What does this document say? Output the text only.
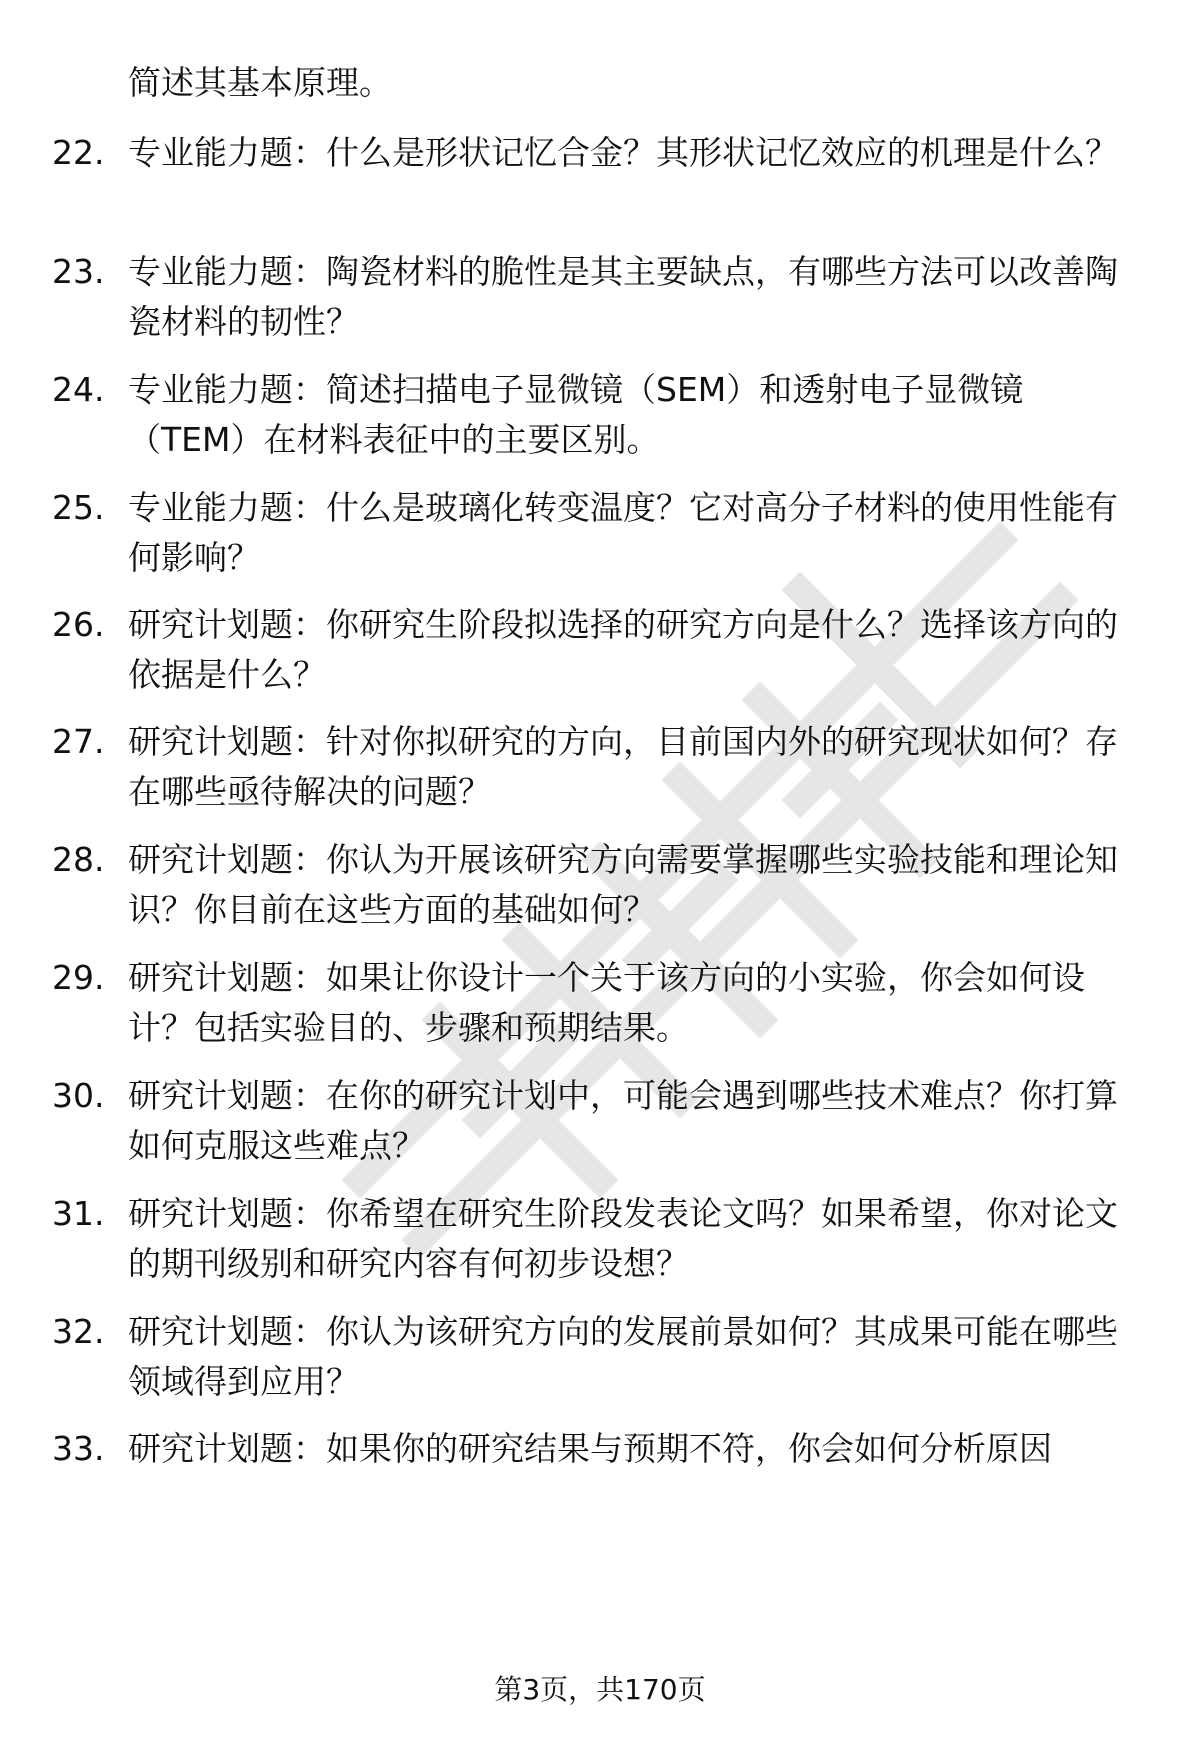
简述其基本原理。
22. 专业能力题：什么是形状记忆合金？其形状记忆效应的机理是什么？
23. 专业能力题：陶瓷材料的脆性是其主要缺点，有哪些方法可以改善陶瓷材料的韧性？
24. 专业能力题：简述扫描电子显微镜（SEM）和透射电子显微镜（TEM）在材料表征中的主要区别。
25. 专业能力题：什么是玻璃化转变温度？它对高分子材料的使用性能有何影响？
26. 研究计划题：你研究生阶段拟选择的研究方向是什么？选择该方向的依据是什么？
27. 研究计划题：针对你拟研究的方向，目前国内外的研究现状如何？存在哪些亟待解决的问题？
28. 研究计划题：你认为开展该研究方向需要掌握哪些实验技能和理论知识？你目前在这些方面的基础如何？
29. 研究计划题：如果让你设计一个关于该方向的小实验，你会如何设计？包括实验目的、步骤和预期结果。
30. 研究计划题：在你的研究计划中，可能会遇到哪些技术难点？你打算如何克服这些难点？
31. 研究计划题：你希望在研究生阶段发表论文吗？如果希望，你对论文的期刊级别和研究内容有何初步设想？
32. 研究计划题：你认为该研究方向的发展前景如何？其成果可能在哪些领域得到应用？
33. 研究计划题：如果你的研究结果与预期不符，你会如何分析原因
第3页，共170页
